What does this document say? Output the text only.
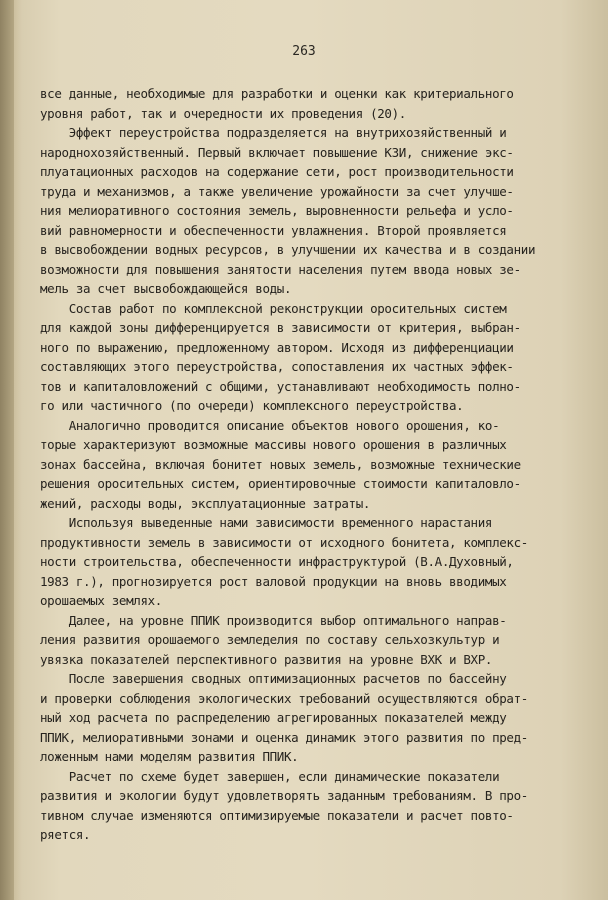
263
все данные, необходимые для разработки и оценки как критериального
уровня работ, так и очередности их проведения (20).
Эффект переустройства подразделяется на внутрихозяйственный и
народнохозяйственный. Первый включает повышение КЗИ, снижение экс-
плуатационных расходов на содержание сети, рост производительности
труда и механизмов, а также увеличение урожайности за счет улучше-
ния мелиоративного состояния земель, выровненности рельефа и усло-
вий равномерности и обеспеченности увлажнения. Второй проявляется
в высвобождении водных ресурсов, в улучшении их качества и в создании
возможности для повышения занятости населения путем ввода новых зе-
мель за счет высвобождающейся воды.
Состав работ по комплексной реконструкции оросительных систем
для каждой зоны дифференцируется в зависимости от критерия, выбран-
ного по выражению, предложенному автором. Исходя из дифференциации
составляющих этого переустройства, сопоставления их частных эффек-
тов и капиталовложений с общими, устанавливают необходимость полно-
го или частичного (по очереди) комплексного переустройства.
Аналогично проводится описание объектов нового орошения, ко-
торые характеризуют возможные массивы нового орошения в различных
зонах бассейна, включая бонитет новых земель, возможные технические
решения оросительных систем, ориентировочные стоимости капиталовло-
жений, расходы воды, эксплуатационные затраты.
Используя выведенные нами зависимости временного нарастания
продуктивности земель в зависимости от исходного бонитета, комплекс-
ности строительства, обеспеченности инфраструктурой (В.А.Духовный,
1983 г.), прогнозируется рост валовой продукции на вновь вводимых
орошаемых землях.
Далее, на уровне ППИК производится выбор оптимального направ-
ления развития орошаемого земледелия по составу сельхозкультур и
увязка показателей перспективного развития на уровне ВХК и ВХР.
После завершения сводных оптимизационных расчетов по бассейну
и проверки соблюдения экологических требований осуществляются обрат-
ный ход расчета по распределению агрегированных показателей между
ППИК, мелиоративными зонами и оценка динамик этого развития по пред-
ложенным нами моделям развития ППИК.
Расчет по схеме будет завершен, если динамические показатели
развития и экологии будут удовлетворять заданным требованиям. В про-
тивном случае изменяются оптимизируемые показатели и расчет повто-
ряется.
